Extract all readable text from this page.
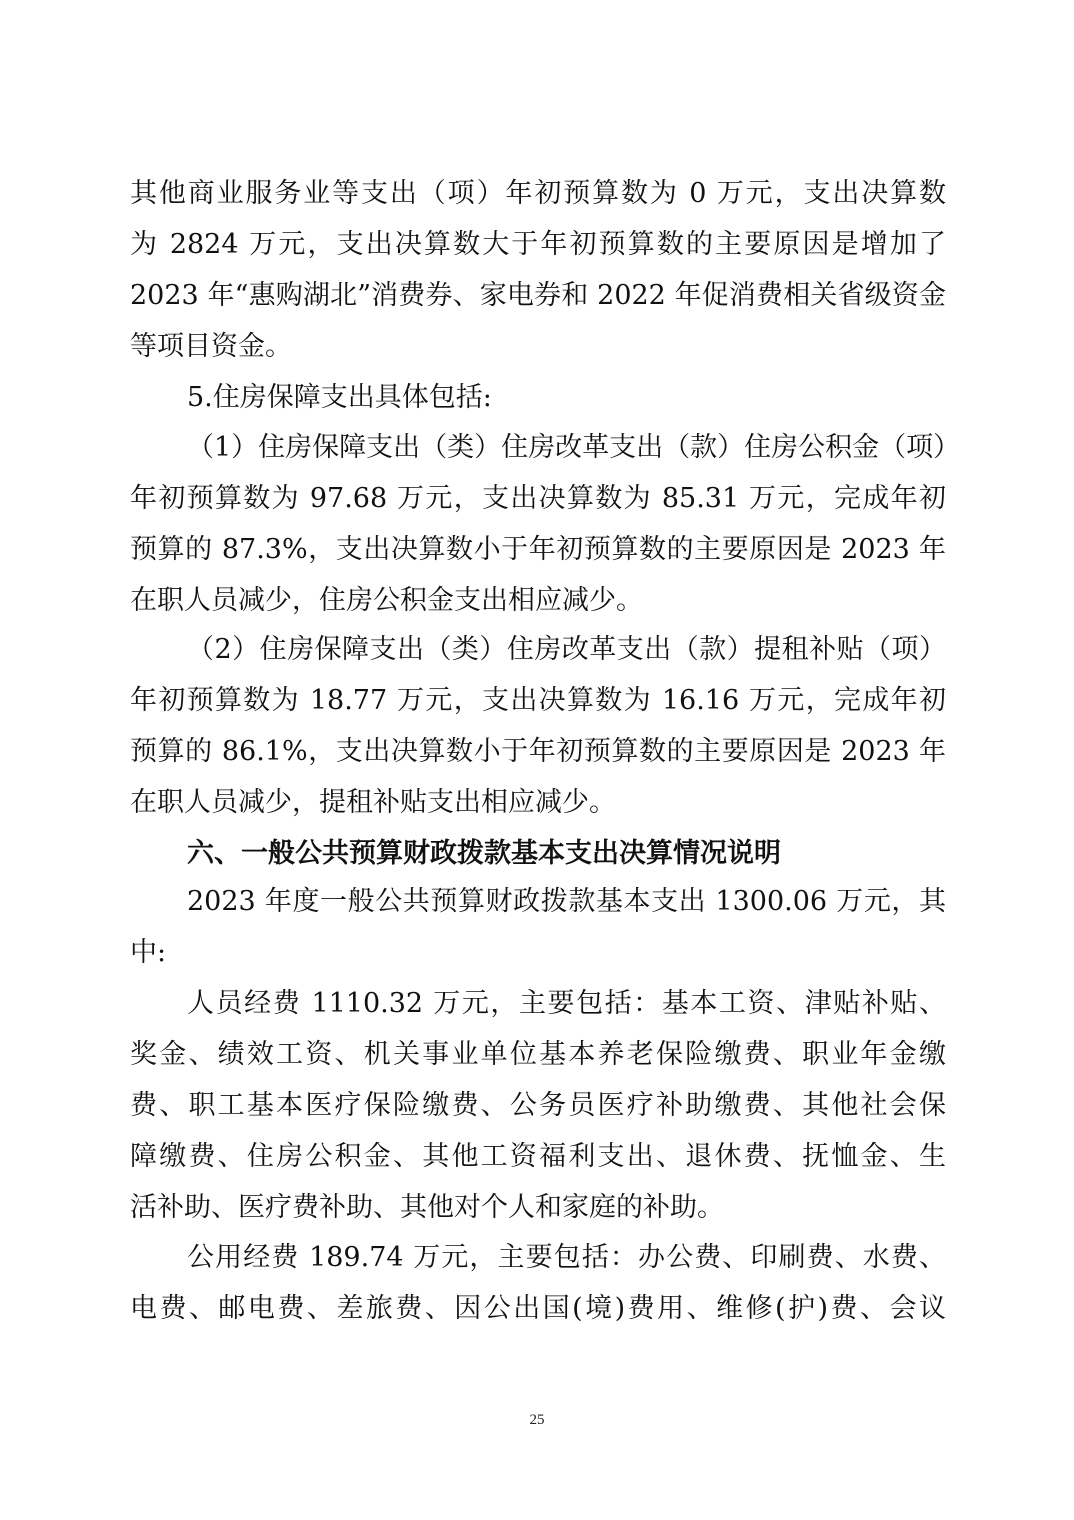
其他商业服务业等支出（项）年初预算数为 0 万元，支出决算数
为 2824 万元，支出决算数大于年初预算数的主要原因是增加了
2023 年“惠购湖北”消费券、家电券和 2022 年促消费相关省级资金
等项目资金。
5.住房保障支出具体包括:
（1）住房保障支出（类）住房改革支出（款）住房公积金（项）
年初预算数为 97.68 万元，支出决算数为 85.31 万元，完成年初
预算的 87.3%，支出决算数小于年初预算数的主要原因是 2023 年
在职人员减少，住房公积金支出相应减少。
（2）住房保障支出（类）住房改革支出（款）提租补贴（项）
年初预算数为 18.77 万元，支出决算数为 16.16 万元，完成年初
预算的 86.1%，支出决算数小于年初预算数的主要原因是 2023 年
在职人员减少，提租补贴支出相应减少。
六、一般公共预算财政拨款基本支出决算情况说明
2023 年度一般公共预算财政拨款基本支出 1300.06 万元，其
中:
人员经费 1110.32 万元，主要包括：基本工资、津贴补贴、
奖金、绩效工资、机关事业单位基本养老保险缴费、职业年金缴
费、职工基本医疗保险缴费、公务员医疗补助缴费、其他社会保
障缴费、住房公积金、其他工资福利支出、退休费、抚恤金、生
活补助、医疗费补助、其他对个人和家庭的补助。
公用经费 189.74 万元，主要包括：办公费、印刷费、水费、
电费、邮电费、差旅费、因公出国(境)费用、维修(护)费、会议
25
